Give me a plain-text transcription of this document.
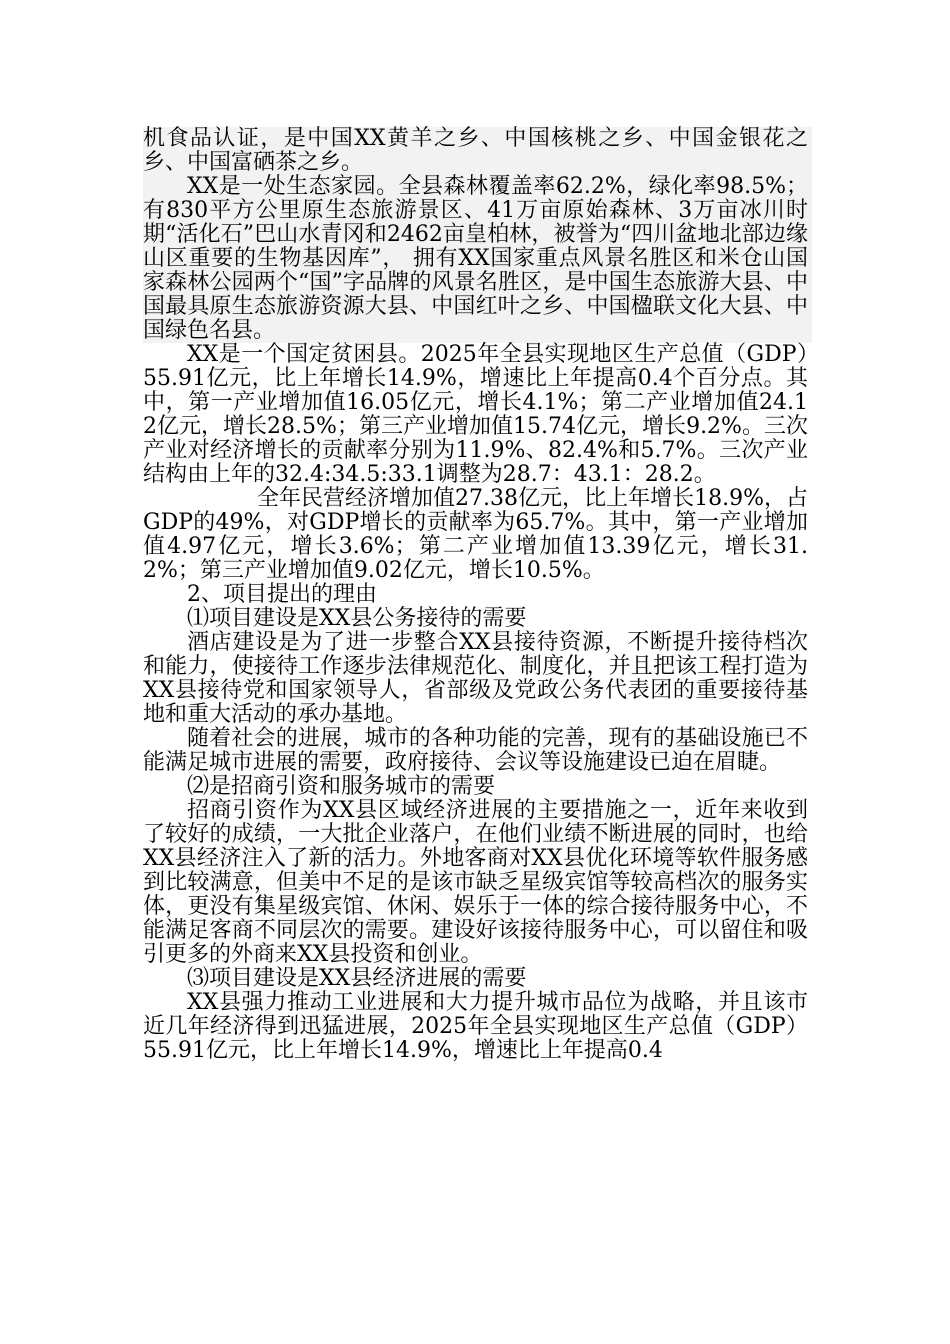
机食品认证，是中国XX黄羊之乡、中国核桃之乡、中国金银花之乡、中国富硒茶之乡。

XX是一处生态家园。全县森林覆盖率62.2%，绿化率98.5%；有830平方公里原生态旅游景区、41万亩原始森林、3万亩冰川时期“活化石”巴山水青冈和2462亩皇柏林，被誉为“四川盆地北部边缘山区重要的生物基因库”， 拥有XX国家重点风景名胜区和米仓山国家森林公园两个“国”字品牌的风景名胜区，是中国生态旅游大县、中国最具原生态旅游资源大县、中国红叶之乡、中国楹联文化大县、中国绿色名县。

XX是一个国定贫困县。2025年全县实现地区生产总值（GDP）55.91亿元，比上年增长14.9%，增速比上年提高0.4个百分点。其中，第一产业增加值16.05亿元，增长4.1%；第二产业增加值24.12亿元，增长28.5%；第三产业增加值15.74亿元，增长9.2%。三次产业对经济增长的贡献率分别为11.9%、82.4%和5.7%。三次产业结构由上年的32.4:34.5:33.1调整为28.7：43.1：28.2。

全年民营经济增加值27.38亿元，比上年增长18.9%，占GDP的49%，对GDP增长的贡献率为65.7%。其中，第一产业增加值4.97亿元，增长3.6%；第二产业增加值13.39亿元，增长31.2%；第三产业增加值9.02亿元，增长10.5%。

2、项目提出的理由

⑴项目建设是XX县公务接待的需要

酒店建设是为了进一步整合XX县接待资源，不断提升接待档次和能力，使接待工作逐步法律规范化、制度化，并且把该工程打造为XX县接待党和国家领导人，省部级及党政公务代表团的重要接待基地和重大活动的承办基地。

随着社会的进展，城市的各种功能的完善，现有的基础设施已不能满足城市进展的需要，政府接待、会议等设施建设已迫在眉睫。

⑵是招商引资和服务城市的需要

招商引资作为XX县区域经济进展的主要措施之一，近年来收到了较好的成绩，一大批企业落户，在他们业绩不断进展的同时，也给XX县经济注入了新的活力。外地客商对XX县优化环境等软件服务感到比较满意，但美中不足的是该市缺乏星级宾馆等较高档次的服务实体，更没有集星级宾馆、休闲、娱乐于一体的综合接待服务中心，不能满足客商不同层次的需要。建设好该接待服务中心，可以留住和吸引更多的外商来XX县投资和创业。

⑶项目建设是XX县经济进展的需要

XX县强力推动工业进展和大力提升城市品位为战略，并且该市近几年经济得到迅猛进展，2025年全县实现地区生产总值（GDP）55.91亿元，比上年增长14.9%，增速比上年提高0.4
